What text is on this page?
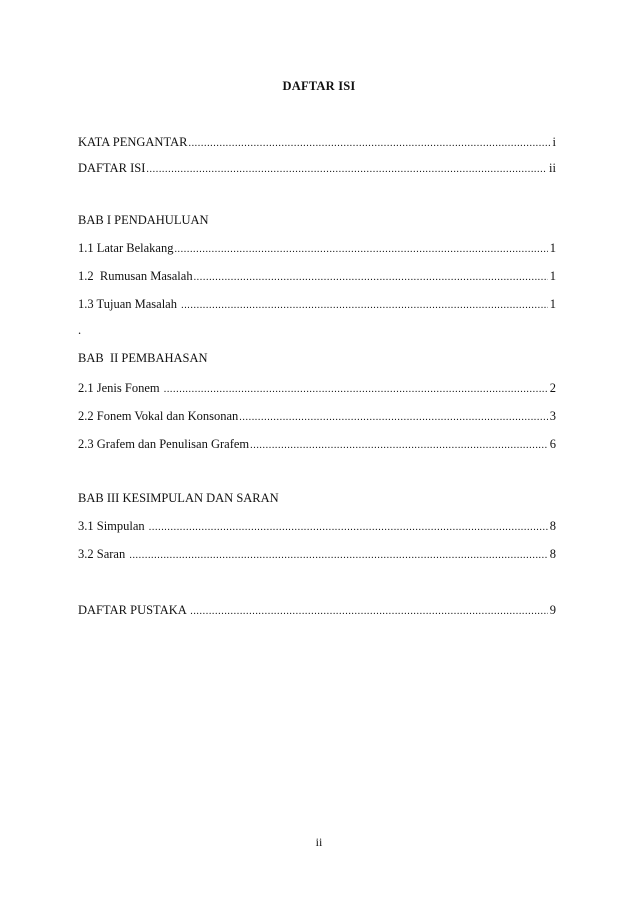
DAFTAR ISI
KATA PENGANTAR .....	i
DAFTAR ISI .....	ii
BAB I PENDAHULUAN
1.1 Latar Belakang .....	1
1.2  Rumusan Masalah .....	1
1.3 Tujuan Masalah .....	1
.
BAB  II PEMBAHASAN
2.1 Jenis Fonem .....	2
2.2 Fonem Vokal dan Konsonan .....	3
2.3 Grafem dan Penulisan Grafem .....	6
BAB III KESIMPULAN DAN SARAN
3.1 Simpulan .....	8
3.2 Saran .....	8
DAFTAR PUSTAKA .....	9
ii
